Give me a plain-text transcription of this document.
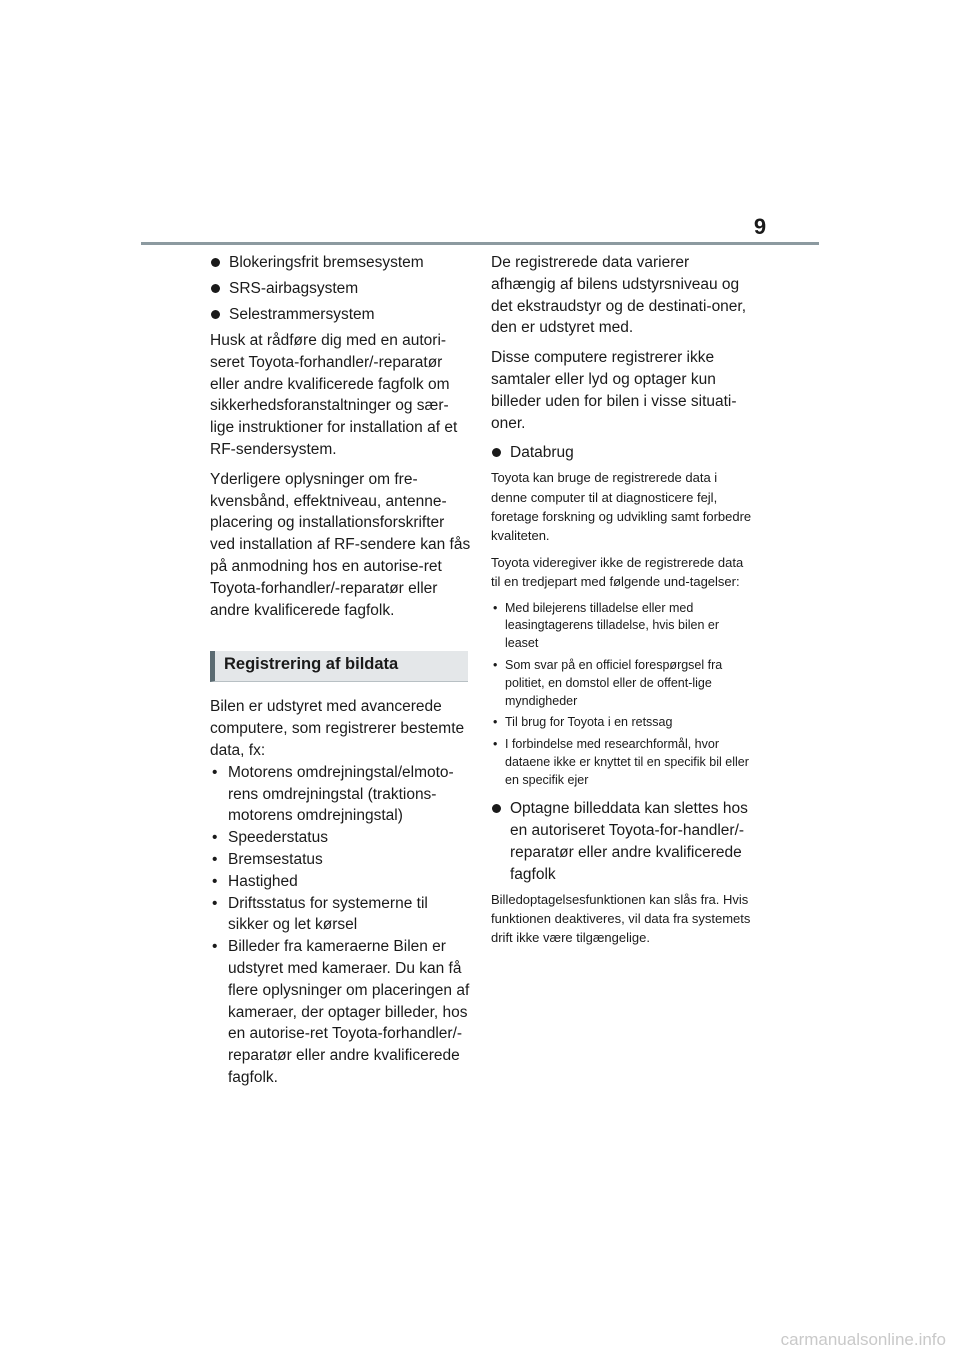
9
Blokeringsfrit bremsesystem
SRS-airbagsystem
Selestrammersystem

Husk at rådføre dig med en autori-seret Toyota-forhandler/-reparatør eller andre kvalificerede fagfolk om sikkerhedsforanstaltninger og sær-lige instruktioner for installation af et RF-sendersystem.

Yderligere oplysninger om fre-kvensbånd, effektniveau, antenne-placering og installationsforskrifter ved installation af RF-sendere kan fås på anmodning hos en autorise-ret Toyota-forhandler/-reparatør eller andre kvalificerede fagfolk.

Registrering af bildata

Bilen er udstyret med avancerede computere, som registrerer bestemte data, fx:

• Motorens omdrejningstal/elmoto-rens omdrejningstal (traktions-motorens omdrejningstal)
• Speederstatus
• Bremsestatus
• Hastighed
• Driftsstatus for systemerne til sikker og let kørsel
• Billeder fra kameraerne Bilen er udstyret med kameraer. Du kan få flere oplysninger om placeringen af kameraer, der optager billeder, hos en autorise-ret Toyota-forhandler/-reparatør eller andre kvalificerede fagfolk.

De registrerede data varierer afhængig af bilens udstyrsniveau og det ekstraudstyr og de destinati-oner, den er udstyret med.

Disse computere registrerer ikke samtaler eller lyd og optager kun billeder uden for bilen i visse situati-oner.

Databrug

Toyota kan bruge de registrerede data i denne computer til at diagnosticere fejl, foretage forskning og udvikling samt forbedre kvaliteten.

Toyota videregiver ikke de registrerede data til en tredjepart med følgende und-tagelser:

• Med bilejerens tilladelse eller med leasingtagerens tilladelse, hvis bilen er leaset
• Som svar på en officiel forespørgsel fra politiet, en domstol eller de offent-lige myndigheder
• Til brug for Toyota i en retssag
• I forbindelse med researchformål, hvor dataene ikke er knyttet til en specifik bil eller en specifik ejer
Optagne billeddata kan slettes hos en autoriseret Toyota-for-handler/-reparatør eller andre kvalificerede fagfolk

Billedoptagelsesfunktionen kan slås fra. Hvis funktionen deaktiveres, vil data fra systemets drift ikke være tilgængelige.

carmanualsonline.info
